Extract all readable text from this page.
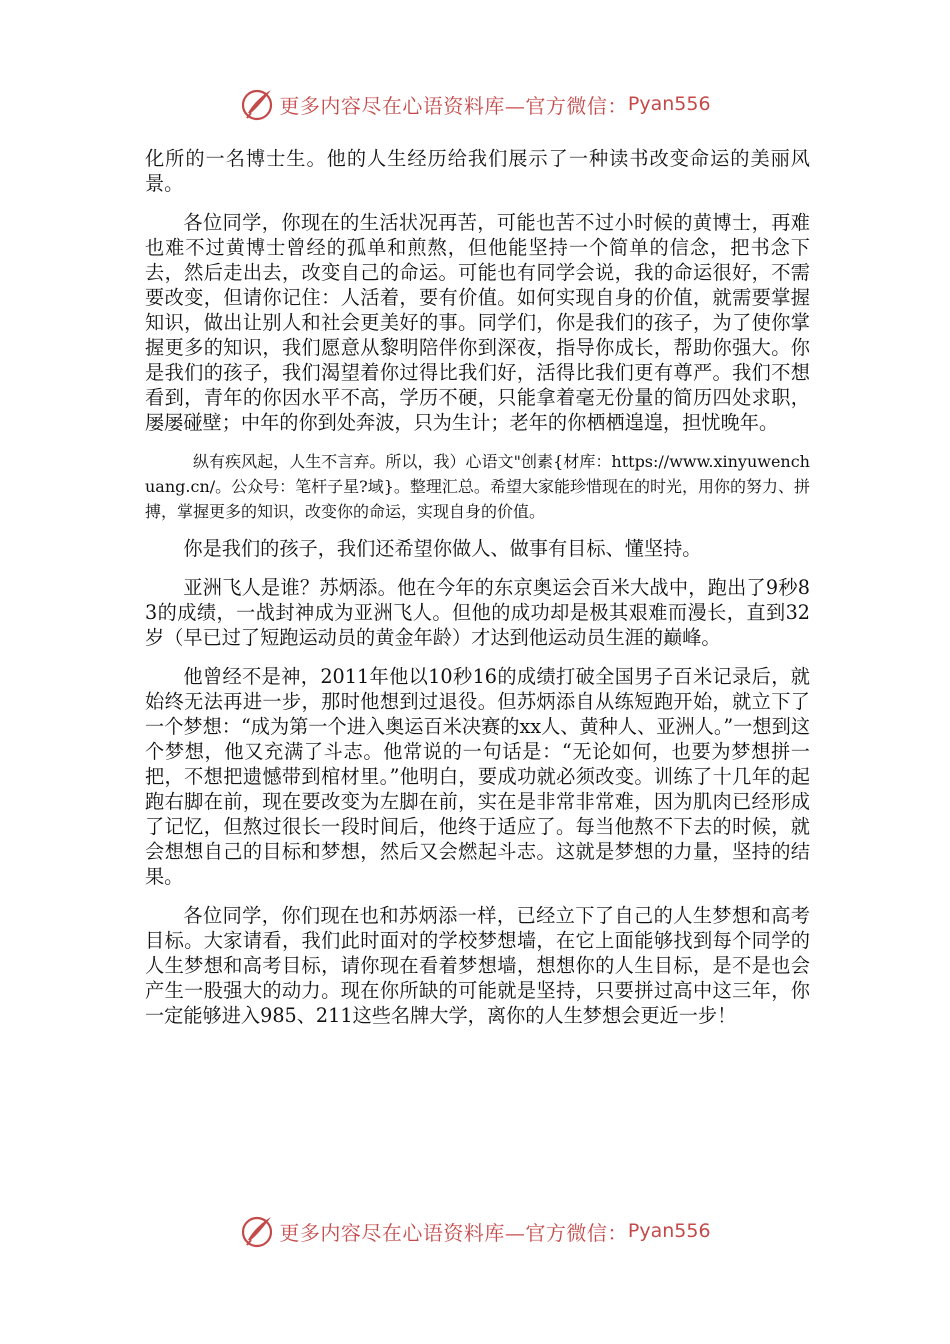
更多内容尽在心语资料库—官方微信： Pyan556

化所的一名博士生。他的人生经历给我们展示了一种读书改变命运的美丽风景。

各位同学，你现在的生活状况再苦，可能也苦不过小时候的黄博士，再难也难不过黄博士曾经的孤单和煎熬，但他能坚持一个简单的信念，把书念下去，然后走出去，改变自己的命运。可能也有同学会说，我的命运很好，不需要改变，但请你记住：人活着，要有价值。如何实现自身的价值，就需要掌握知识，做出让别人和社会更美好的事。同学们，你是我们的孩子，为了使你掌握更多的知识，我们愿意从黎明陪伴你到深夜，指导你成长，帮助你强大。你是我们的孩子，我们渴望着你过得比我们好，活得比我们更有尊严。我们不想看到，青年的你因水平不高，学历不硬，只能拿着毫无份量的简历四处求职，屡屡碰壁；中年的你到处奔波，只为生计；老年的你栖栖遑遑，担忧晚年。

纵有疾风起，人生不言弃。所以，我）心语文"创素{材库：https://www.xinyuwenchuang.cn/。公众号：笔杆子星?域}。整理汇总。希望大家能珍惜现在的时光，用你的努力、拼搏，掌握更多的知识，改变你的命运，实现自身的价值。

你是我们的孩子，我们还希望你做人、做事有目标、懂坚持。

亚洲飞人是谁？苏炳添。他在今年的东京奥运会百米大战中，跑出了9秒83的成绩，一战封神成为亚洲飞人。但他的成功却是极其艰难而漫长，直到32岁（早已过了短跑运动员的黄金年龄）才达到他运动员生涯的巅峰。

他曾经不是神，2011年他以10秒16的成绩打破全国男子百米记录后，就始终无法再进一步，那时他想到过退役。但苏炳添自从练短跑开始，就立下了一个梦想：“成为第一个进入奥运百米决赛的xx人、黄种人、亚洲人。”一想到这个梦想，他又充满了斗志。他常说的一句话是：“无论如何，也要为梦想拼一把，不想把遗憾带到棺材里。”他明白，要成功就必须改变。训练了十几年的起跑右脚在前，现在要改变为左脚在前，实在是非常非常难，因为肌肉已经形成了记忆，但熬过很长一段时间后，他终于适应了。每当他熬不下去的时候，就会想想自己的目标和梦想，然后又会燃起斗志。这就是梦想的力量，坚持的结果。

各位同学，你们现在也和苏炳添一样，已经立下了自己的人生梦想和高考目标。大家请看，我们此时面对的学校梦想墙，在它上面能够找到每个同学的人生梦想和高考目标，请你现在看着梦想墙，想想你的人生目标，是不是也会产生一股强大的动力。现在你所缺的可能就是坚持，只要拼过高中这三年，你一定能够进入985、211这些名牌大学，离你的人生梦想会更近一步！

更多内容尽在心语资料库—官方微信： Pyan556
